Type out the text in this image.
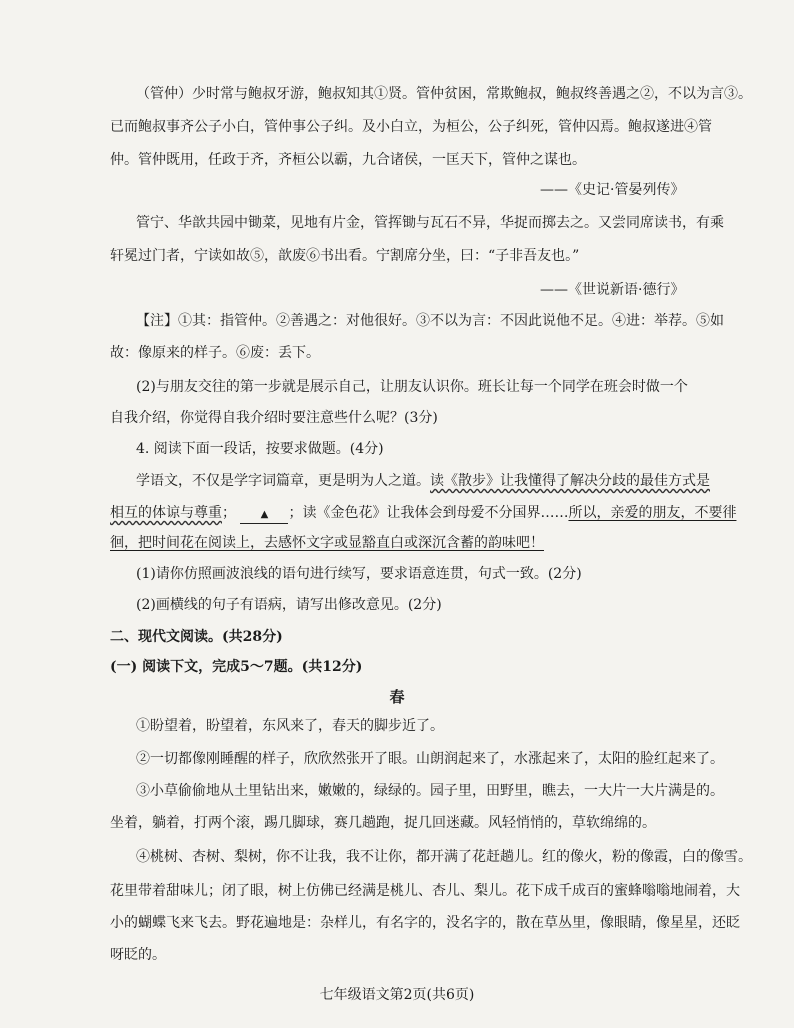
（管仲）少时常与鲍叔牙游，鲍叔知其①贤。管仲贫困，常欺鲍叔，鲍叔终善遇之②，不以为言③。
已而鲍叔事齐公子小白，管仲事公子纠。及小白立，为桓公，公子纠死，管仲囚焉。鲍叔遂进④管
仲。管仲既用，任政于齐，齐桓公以霸，九合诸侯，一匡天下，管仲之谋也。
——《史记·管晏列传》
管宁、华歆共园中锄菜，见地有片金，管挥锄与瓦石不异，华捉而掷去之。又尝同席读书，有乘
轩冕过门者，宁读如故⑤，歆废⑥书出看。宁割席分坐，曰：“子非吾友也。”
——《世说新语·德行》
【注】①其：指管仲。②善遇之：对他很好。③不以为言：不因此说他不足。④进：举荐。⑤如
故：像原来的样子。⑥废：丢下。
(2)与朋友交往的第一步就是展示自己，让朋友认识你。班长让每一个同学在班会时做一个
自我介绍，你觉得自我介绍时要注意些什么呢？(3分)
4. 阅读下面一段话，按要求做题。(4分)
学语文，不仅是学字词篇章，更是明为人之道。读《散步》让我懂得了解决分歧的最佳方式是
相互的体谅与尊重； ▲ ；读《金色花》让我体会到母爱不分国界……所以，亲爱的朋友，不要徘
徊，把时间花在阅读上，去感怀文字或显豁直白或深沉含蓄的韵味吧！
(1)请你仿照画波浪线的语句进行续写，要求语意连贯，句式一致。(2分)
(2)画横线的句子有语病，请写出修改意见。(2分)
二、现代文阅读。(共28分)
(一) 阅读下文，完成5～7题。(共12分)
春
①盼望着，盼望着，东风来了，春天的脚步近了。
②一切都像刚睡醒的样子，欣欣然张开了眼。山朗润起来了，水涨起来了，太阳的脸红起来了。
③小草偷偷地从土里钻出来，嫩嫩的，绿绿的。园子里，田野里，瞧去，一大片一大片满是的。
坐着，躺着，打两个滚，踢几脚球，赛几趟跑，捉几回迷藏。风轻悄悄的，草软绵绵的。
④桃树、杏树、梨树，你不让我，我不让你，都开满了花赶趟儿。红的像火，粉的像霞，白的像雪。
花里带着甜味儿；闭了眼，树上仿佛已经满是桃儿、杏儿、梨儿。花下成千成百的蜜蜂嗡嗡地闹着，大
小的蝴蝶飞来飞去。野花遍地是：杂样儿，有名字的，没名字的，散在草丛里，像眼睛，像星星，还眨
呀眨的。
七年级语文第2页(共6页)
